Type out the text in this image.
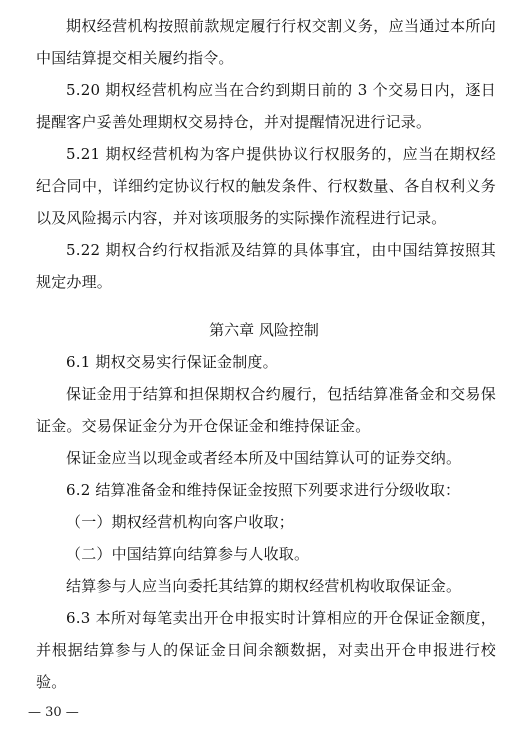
期权经营机构按照前款规定履行行权交割义务，应当通过本所向中国结算提交相关履约指令。
5.20 期权经营机构应当在合约到期日前的 3 个交易日内，逐日提醒客户妥善处理期权交易持仓，并对提醒情况进行记录。
5.21 期权经营机构为客户提供协议行权服务的，应当在期权经纪合同中，详细约定协议行权的触发条件、行权数量、各自权利义务以及风险揭示内容，并对该项服务的实际操作流程进行记录。
5.22 期权合约行权指派及结算的具体事宜，由中国结算按照其规定办理。
第六章 风险控制
6.1 期权交易实行保证金制度。
保证金用于结算和担保期权合约履行，包括结算准备金和交易保证金。交易保证金分为开仓保证金和维持保证金。
保证金应当以现金或者经本所及中国结算认可的证券交纳。
6.2 结算准备金和维持保证金按照下列要求进行分级收取：
（一）期权经营机构向客户收取；
（二）中国结算向结算参与人收取。
结算参与人应当向委托其结算的期权经营机构收取保证金。
6.3 本所对每笔卖出开仓申报实时计算相应的开仓保证金额度，并根据结算参与人的保证金日间余额数据，对卖出开仓申报进行校验。
— 30 —
